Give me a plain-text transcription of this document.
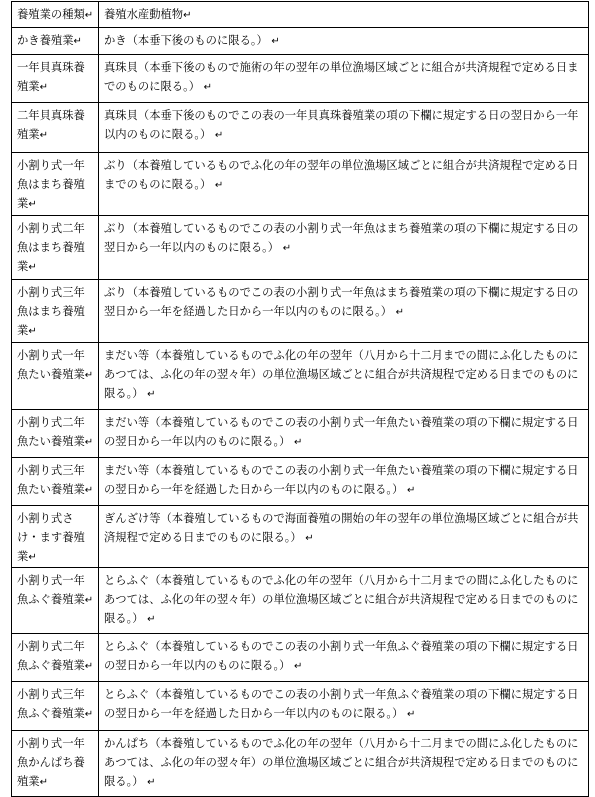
養殖業の種類↵	養殖水産動植物↵
かき養殖業↵	かき（本垂下後のものに限る。） ↵
一年貝真珠養殖業↵	真珠貝（本垂下後のもので施術の年の翌年の単位漁場区域ごとに組合が共済規程で定める日までのものに限る。） ↵
二年貝真珠養殖業↵	真珠貝（本垂下後のものでこの表の一年貝真珠養殖業の項の下欄に規定する日の翌日から一年以内のものに限る。） ↵
小割り式一年魚はまち養殖業↵	ぶり（本養殖しているものでふ化の年の翌年の単位漁場区域ごとに組合が共済規程で定める日までのものに限る。） ↵
小割り式二年魚はまち養殖業↵	ぶり（本養殖しているものでこの表の小割り式一年魚はまち養殖業の項の下欄に規定する日の翌日から一年以内のものに限る。） ↵
小割り式三年魚はまち養殖業↵	ぶり（本養殖しているものでこの表の小割り式一年魚はまち養殖業の項の下欄に規定する日の翌日から一年を経過した日から一年以内のものに限る。） ↵
小割り式一年魚たい養殖業↵	まだい等（本養殖しているものでふ化の年の翌年（八月から十二月までの間にふ化したものにあつては、ふ化の年の翌々年）の単位漁場区域ごとに組合が共済規程で定める日までのものに限る。） ↵
小割り式二年魚たい養殖業↵	まだい等（本養殖しているものでこの表の小割り式一年魚たい養殖業の項の下欄に規定する日の翌日から一年以内のものに限る。） ↵
小割り式三年魚たい養殖業↵	まだい等（本養殖しているものでこの表の小割り式一年魚たい養殖業の項の下欄に規定する日の翌日から一年を経過した日から一年以内のものに限る。） ↵
小割り式さけ・ます養殖業↵	ぎんざけ等（本養殖しているもので海面養殖の開始の年の翌年の単位漁場区域ごとに組合が共済規程で定める日までのものに限る。） ↵
小割り式一年魚ふぐ養殖業↵	とらふぐ（本養殖しているものでふ化の年の翌年（八月から十二月までの間にふ化したものにあつては、ふ化の年の翌々年）の単位漁場区域ごとに組合が共済規程で定める日までのものに限る。） ↵
小割り式二年魚ふぐ養殖業↵	とらふぐ（本養殖しているものでこの表の小割り式一年魚ふぐ養殖業の項の下欄に規定する日の翌日から一年以内のものに限る。） ↵
小割り式三年魚ふぐ養殖業↵	とらふぐ（本養殖しているものでこの表の小割り式一年魚ふぐ養殖業の項の下欄に規定する日の翌日から一年を経過した日から一年以内のものに限る。） ↵
小割り式一年魚かんぱち養殖業↵	かんぱち（本養殖しているものでふ化の年の翌年（八月から十二月までの間にふ化したものにあつては、ふ化の年の翌々年）の単位漁場区域ごとに組合が共済規程で定める日までのものに限る。） ↵
